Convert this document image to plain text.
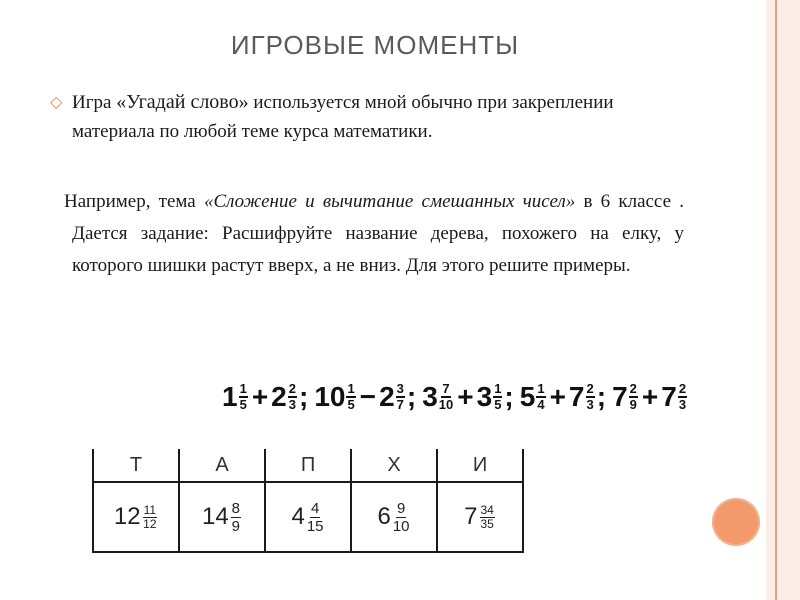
ИГРОВЫЕ МОМЕНТЫ
◇ Игра «Угадай слово» используется мной обычно при закреплении материала по любой теме курса математики.
Например, тема «Сложение и вычитание смешанных чисел» в 6 классе . Дается задание: Расшифруйте название дерева, похожего на елку, у которого шишки растут вверх, а не вниз. Для этого решите примеры.
$1 \frac{1}{5} + 2 \frac{2}{3}$ ; $10 \frac{1}{5} - 2 \frac{3}{7}$ ; $3 \frac{7}{10} + 3 \frac{1}{5}$ ; $5 \frac{1}{4} + 7 \frac{2}{3}$ ; $7 \frac{2}{9} + 7 \frac{2}{3}$
Т	А	П	Х	И

$12 \frac{11}{12}$	$14 \frac{8}{9}$	$4 \frac{4}{15}$	$6 \frac{9}{10}$	$7 \frac{34}{35}$
